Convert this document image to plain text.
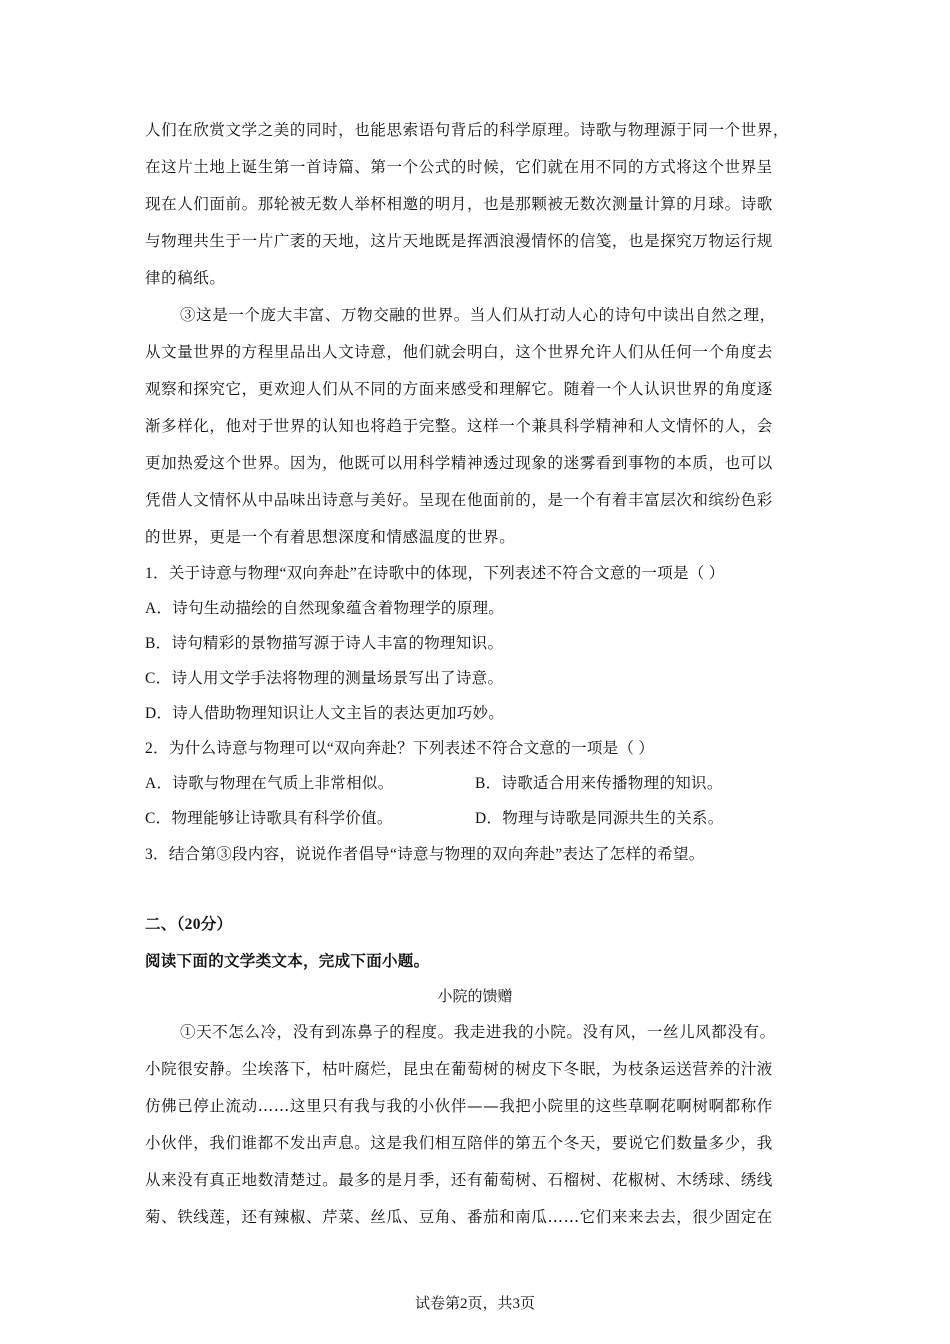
人们在欣赏文学之美的同时，也能思索语句背后的科学原理。诗歌与物理源于同一个世界，
在这片土地上诞生第一首诗篇、第一个公式的时候，它们就在用不同的方式将这个世界呈
现在人们面前。那轮被无数人举杯相邀的明月，也是那颗被无数次测量计算的月球。诗歌
与物理共生于一片广袤的天地，这片天地既是挥洒浪漫情怀的信笺，也是探究万物运行规
律的稿纸。
③这是一个庞大丰富、万物交融的世界。当人们从打动人心的诗句中读出自然之理，
从文量世界的方程里品出人文诗意，他们就会明白，这个世界允许人们从任何一个角度去
观察和探究它，更欢迎人们从不同的方面来感受和理解它。随着一个人认识世界的角度逐
渐多样化，他对于世界的认知也将趋于完整。这样一个兼具科学精神和人文情怀的人，会
更加热爱这个世界。因为，他既可以用科学精神透过现象的迷雾看到事物的本质，也可以
凭借人文情怀从中品味出诗意与美好。呈现在他面前的，是一个有着丰富层次和缤纷色彩
的世界，更是一个有着思想深度和情感温度的世界。
1．关于诗意与物理“双向奔赴”在诗歌中的体现，下列表述不符合文意的一项是（ ）
A．诗句生动描绘的自然现象蕴含着物理学的原理。
B．诗句精彩的景物描写源于诗人丰富的物理知识。
C．诗人用文学手法将物理的测量场景写出了诗意。
D．诗人借助物理知识让人文主旨的表达更加巧妙。
2．为什么诗意与物理可以“双向奔赴？下列表述不符合文意的一项是（ ）
A．诗歌与物理在气质上非常相似。	B．诗歌适合用来传播物理的知识。
C．物理能够让诗歌具有科学价值。	D．物理与诗歌是同源共生的关系。
3．结合第③段内容，说说作者倡导“诗意与物理的双向奔赴”表达了怎样的希望。
二、（20分）
阅读下面的文学类文本，完成下面小题。
小院的馈赠
①天不怎么冷，没有到冻鼻子的程度。我走进我的小院。没有风，一丝儿风都没有。
小院很安静。尘埃落下，枯叶腐烂，昆虫在葡萄树的树皮下冬眠，为枝条运送营养的汁液
仿佛已停止流动……这里只有我与我的小伙伴——我把小院里的这些草啊花啊树啊都称作
小伙伴，我们谁都不发出声息。这是我们相互陪伴的第五个冬天，要说它们数量多少，我
从来没有真正地数清楚过。最多的是月季，还有葡萄树、石榴树、花椒树、木绣球、绣线
菊、铁线莲，还有辣椒、芹菜、丝瓜、豆角、番茄和南瓜……它们来来去去，很少固定在
试卷第2页，共3页
